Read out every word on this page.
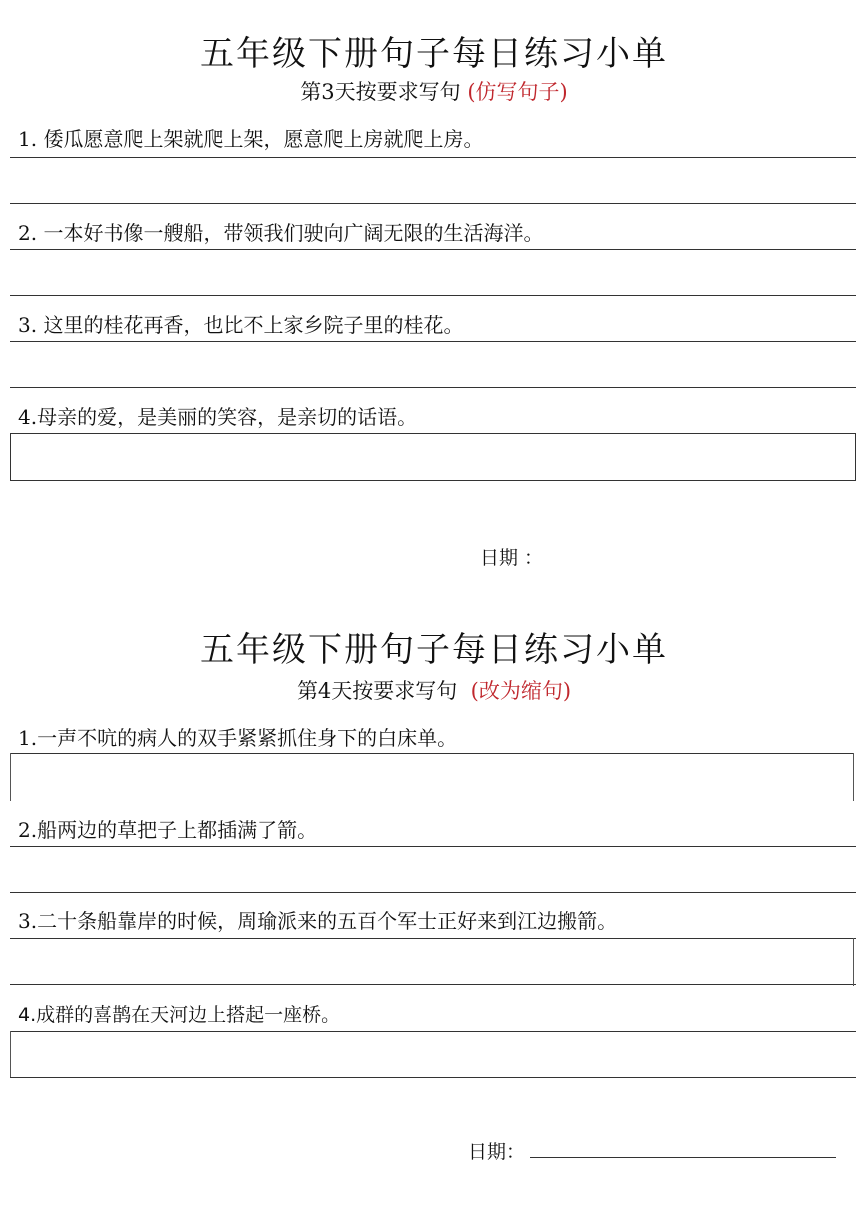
五年级下册句子每日练习小单
第3天按要求写句 (仿写句子)
1. 倭瓜愿意爬上架就爬上架，愿意爬上房就爬上房。
2. 一本好书像一艘船，带领我们驶向广阔无限的生活海洋。
3. 这里的桂花再香，也比不上家乡院子里的桂花。
4.母亲的爱，是美丽的笑容，是亲切的话语。
日期 ：
五年级下册句子每日练习小单
第4天按要求写句 (改为缩句)
1.一声不吭的病人的双手紧紧抓住身下的白床单。
2.船两边的草把子上都插满了箭。
3.二十条船靠岸的时候，周瑜派来的五百个军士正好来到江边搬箭。
4.成群的喜鹊在天河边上搭起一座桥。
日期：
